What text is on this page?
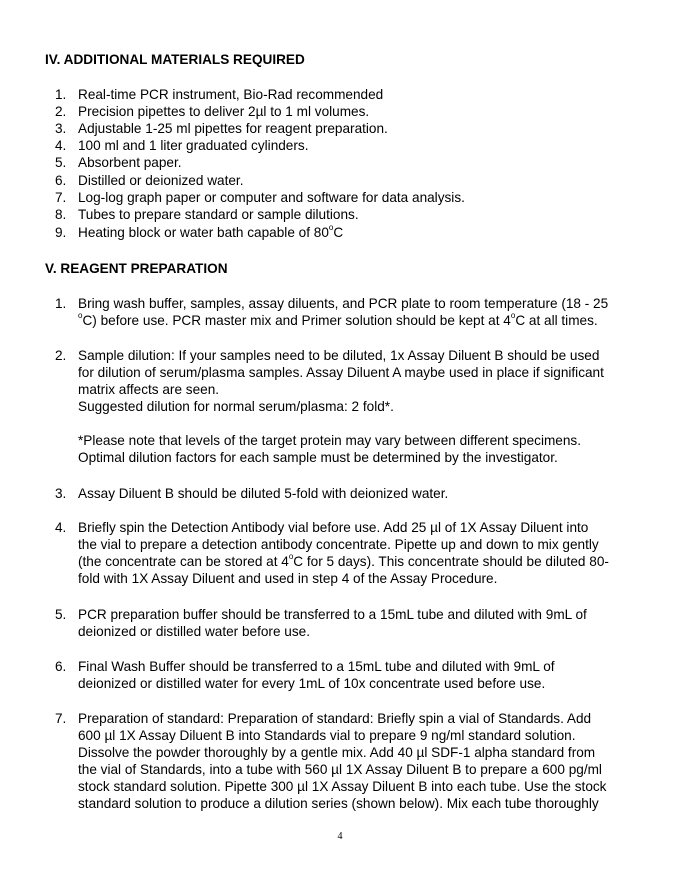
IV. ADDITIONAL MATERIALS REQUIRED
1. Real-time PCR instrument, Bio-Rad recommended
2. Precision pipettes to deliver 2µl to 1 ml volumes.
3. Adjustable 1-25 ml pipettes for reagent preparation.
4. 100 ml and 1 liter graduated cylinders.
5. Absorbent paper.
6. Distilled or deionized water.
7. Log-log graph paper or computer and software for data analysis.
8. Tubes to prepare standard or sample dilutions.
9. Heating block or water bath capable of 80$^o$C
V. REAGENT PREPARATION
1. Bring wash buffer, samples, assay diluents, and PCR plate to room temperature (18 - 25
$^o$C) before use. PCR master mix and Primer solution should be kept at 4$^o$C at all times.
2. Sample dilution: If your samples need to be diluted, 1x Assay Diluent B should be used
for dilution of serum/plasma samples. Assay Diluent A maybe used in place if significant
matrix affects are seen.
Suggested dilution for normal serum/plasma: 2 fold*.
*Please note that levels of the target protein may vary between different specimens.
Optimal dilution factors for each sample must be determined by the investigator.
3. Assay Diluent B should be diluted 5-fold with deionized water.
4. Briefly spin the Detection Antibody vial before use. Add 25 µl of 1X Assay Diluent into
the vial to prepare a detection antibody concentrate. Pipette up and down to mix gently
(the concentrate can be stored at 4$^o$C for 5 days). This concentrate should be diluted 80-
fold with 1X Assay Diluent and used in step 4 of the Assay Procedure.
5. PCR preparation buffer should be transferred to a 15mL tube and diluted with 9mL of
deionized or distilled water before use.
6. Final Wash Buffer should be transferred to a 15mL tube and diluted with 9mL of
deionized or distilled water for every 1mL of 10x concentrate used before use.
7. Preparation of standard: Preparation of standard: Briefly spin a vial of Standards. Add
600 µl 1X Assay Diluent B into Standards vial to prepare 9 ng/ml standard solution.
Dissolve the powder thoroughly by a gentle mix. Add 40 µl SDF-1 alpha standard from
the vial of Standards, into a tube with 560 µl 1X Assay Diluent B to prepare a 600 pg/ml
stock standard solution. Pipette 300 µl 1X Assay Diluent B into each tube. Use the stock
standard solution to produce a dilution series (shown below). Mix each tube thoroughly
4
